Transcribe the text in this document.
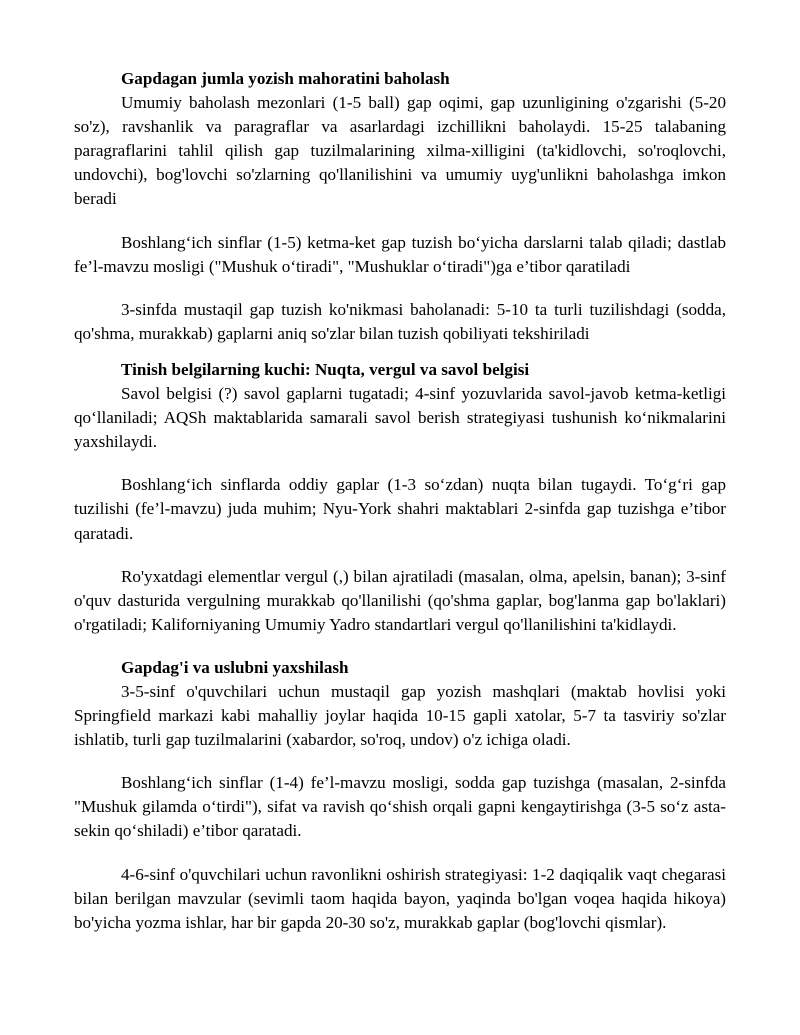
Gapdagan jumla yozish mahoratini baholash

Umumiy baholash mezonlari (1-5 ball) gap oqimi, gap uzunligining o'zgarishi (5-20 so'z), ravshanlik va paragraflar va asarlardagi izchillikni baholaydi. 15-25 talabaning paragraflarini tahlil qilish gap tuzilmalarining xilma-xilligini (ta'kidlovchi, so'roqlovchi, undovchi), bog'lovchi so'zlarning qo'llanilishini va umumiy uyg'unlikni baholashga imkon beradi

Boshlang‘ich sinflar (1-5) ketma-ket gap tuzish bo‘yicha darslarni talab qiladi; dastlab fe’l-mavzu mosligi ("Mushuk o‘tiradi", "Mushuklar o‘tiradi")ga e’tibor qaratiladi

3-sinfda mustaqil gap tuzish ko'nikmasi baholanadi: 5-10 ta turli tuzilishdagi (sodda, qo'shma, murakkab) gaplarni aniq so'zlar bilan tuzish qobiliyati tekshiriladi

Tinish belgilarning kuchi: Nuqta, vergul va savol belgisi

Savol belgisi (?) savol gaplarni tugatadi; 4-sinf yozuvlarida savol-javob ketma-ketligi qo‘llaniladi; AQSh maktablarida samarali savol berish strategiyasi tushunish ko‘nikmalarini yaxshilaydi.

Boshlang‘ich sinflarda oddiy gaplar (1-3 so‘zdan) nuqta bilan tugaydi. To‘g‘ri gap tuzilishi (fe’l-mavzu) juda muhim; Nyu-York shahri maktablari 2-sinfda gap tuzishga e’tibor qaratadi.

Ro'yxatdagi elementlar vergul (,) bilan ajratiladi (masalan, olma, apelsin, banan); 3-sinf o'quv dasturida vergulning murakkab qo'llanilishi (qo'shma gaplar, bog'lanma gap bo'laklari) o'rgatiladi; Kaliforniyaning Umumiy Yadro standartlari vergul qo'llanilishini ta'kidlaydi.

Gapdag'i va uslubni yaxshilash

3-5-sinf o'quvchilari uchun mustaqil gap yozish mashqlari (maktab hovlisi yoki Springfield markazi kabi mahalliy joylar haqida 10-15 gapli xatolar, 5-7 ta tasviriy so'zlar ishlatib, turli gap tuzilmalarini (xabardor, so'roq, undov) o'z ichiga oladi.

Boshlang‘ich sinflar (1-4) fe’l-mavzu mosligi, sodda gap tuzishga (masalan, 2-sinfda "Mushuk gilamda o‘tirdi"), sifat va ravish qo‘shish orqali gapni kengaytirishga (3-5 so‘z asta-sekin qo‘shiladi) e’tibor qaratadi.

4-6-sinf o'quvchilari uchun ravonlikni oshirish strategiyasi: 1-2 daqiqalik vaqt chegarasi bilan berilgan mavzular (sevimli taom haqida bayon, yaqinda bo'lgan voqea haqida hikoya) bo'yicha yozma ishlar, har bir gapda 20-30 so'z, murakkab gaplar (bog'lovchi qismlar).
